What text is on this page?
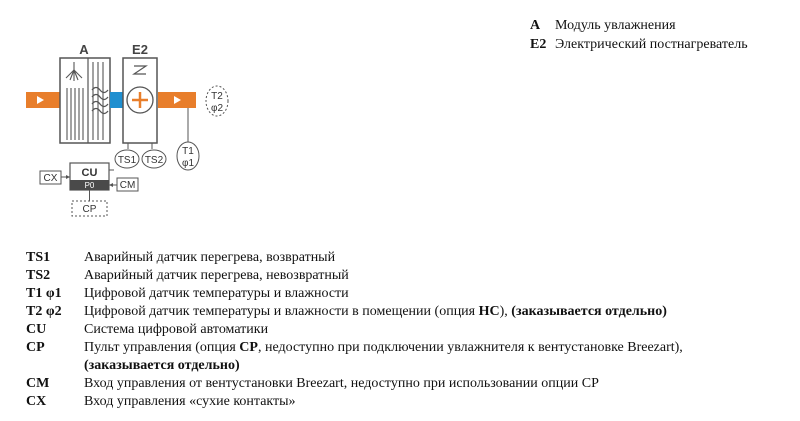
A	E2
TS1 TS2
T1
φ1
T2
φ2
CU
P0
CX
CM
CP
A	Модуль увлажнения
E2 Электрический постнагреватель
TS1	Аварийный датчик перегрева, возвратный
TS2	Аварийный датчик перегрева, невозвратный
T1 φ1	Цифровой датчик температуры и влажности
T2 φ2	Цифровой датчик температуры и влажности в помещении (опция HC), (заказывается отдельно)
CU	Система цифровой автоматики
CP	Пульт управления (опция CP, недоступно при подключении увлажнителя к вентустановке Breezart),
(заказывается отдельно)
CM	Вход управления от вентустановки Breezart, недоступно при использовании опции CP
CX	Вход управления «сухие контакты»
